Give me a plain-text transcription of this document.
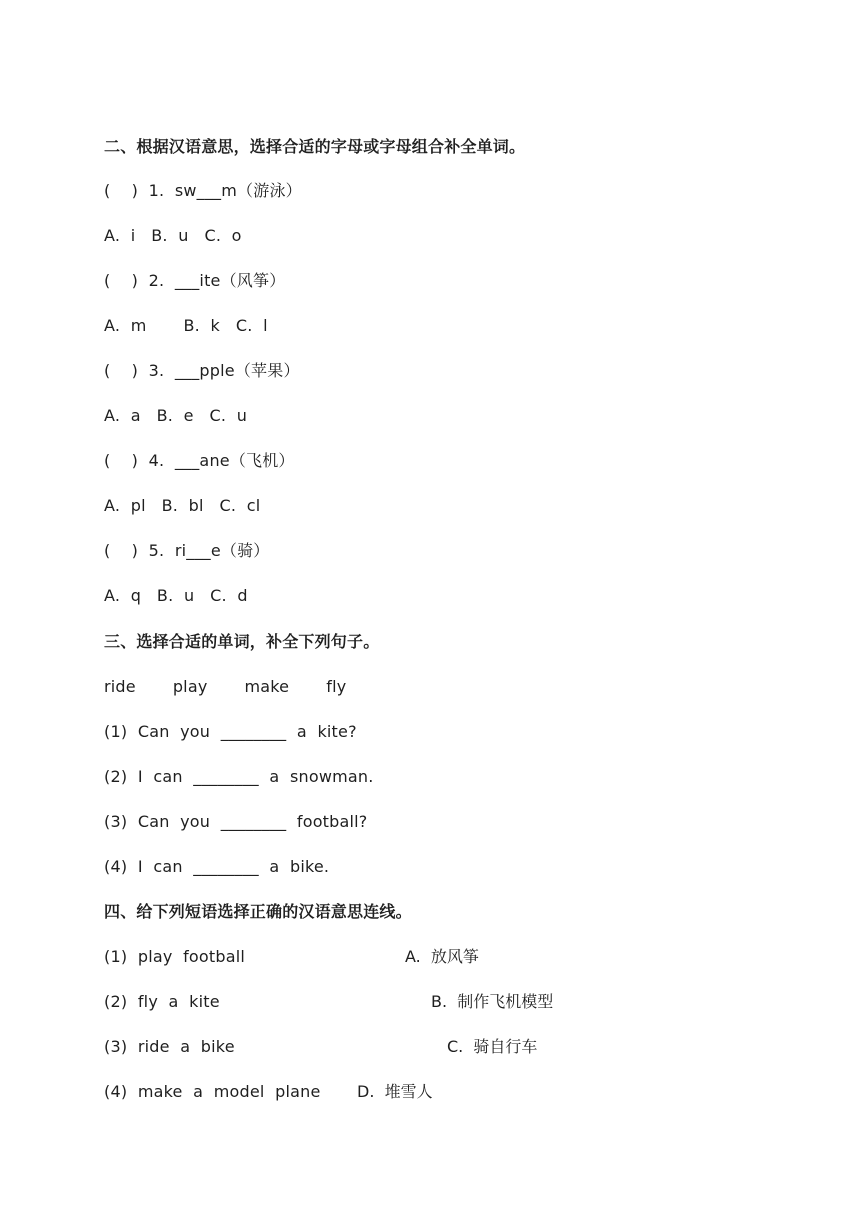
二、根据汉语意思，选择合适的字母或字母组合补全单词。
(    )  1.  sw___m（游泳）
A.  i   B.  u   C.  o
(    )  2.  ___ite（风筝）
A.  m       B.  k   C.  l
(    )  3.  ___pple（苹果）
A.  a   B.  e   C.  u
(    )  4.  ___ane（飞机）
A.  pl   B.  bl   C.  cl
(    )  5.  ri___e（骑）
A.  q   B.  u   C.  d
三、选择合适的单词，补全下列句子。
ride       play       make       fly
(1)  Can  you  ________  a  kite?
(2)  I  can  ________  a  snowman.
(3)  Can  you  ________  football?
(4)  I  can  ________  a  bike.
四、给下列短语选择正确的汉语意思连线。
(1)  play  football	A.  放风筝
(2)  fly  a  kite	B.  制作飞机模型
(3)  ride  a  bike	C.  骑自行车
(4)  make  a  model  plane D.  堆雪人
